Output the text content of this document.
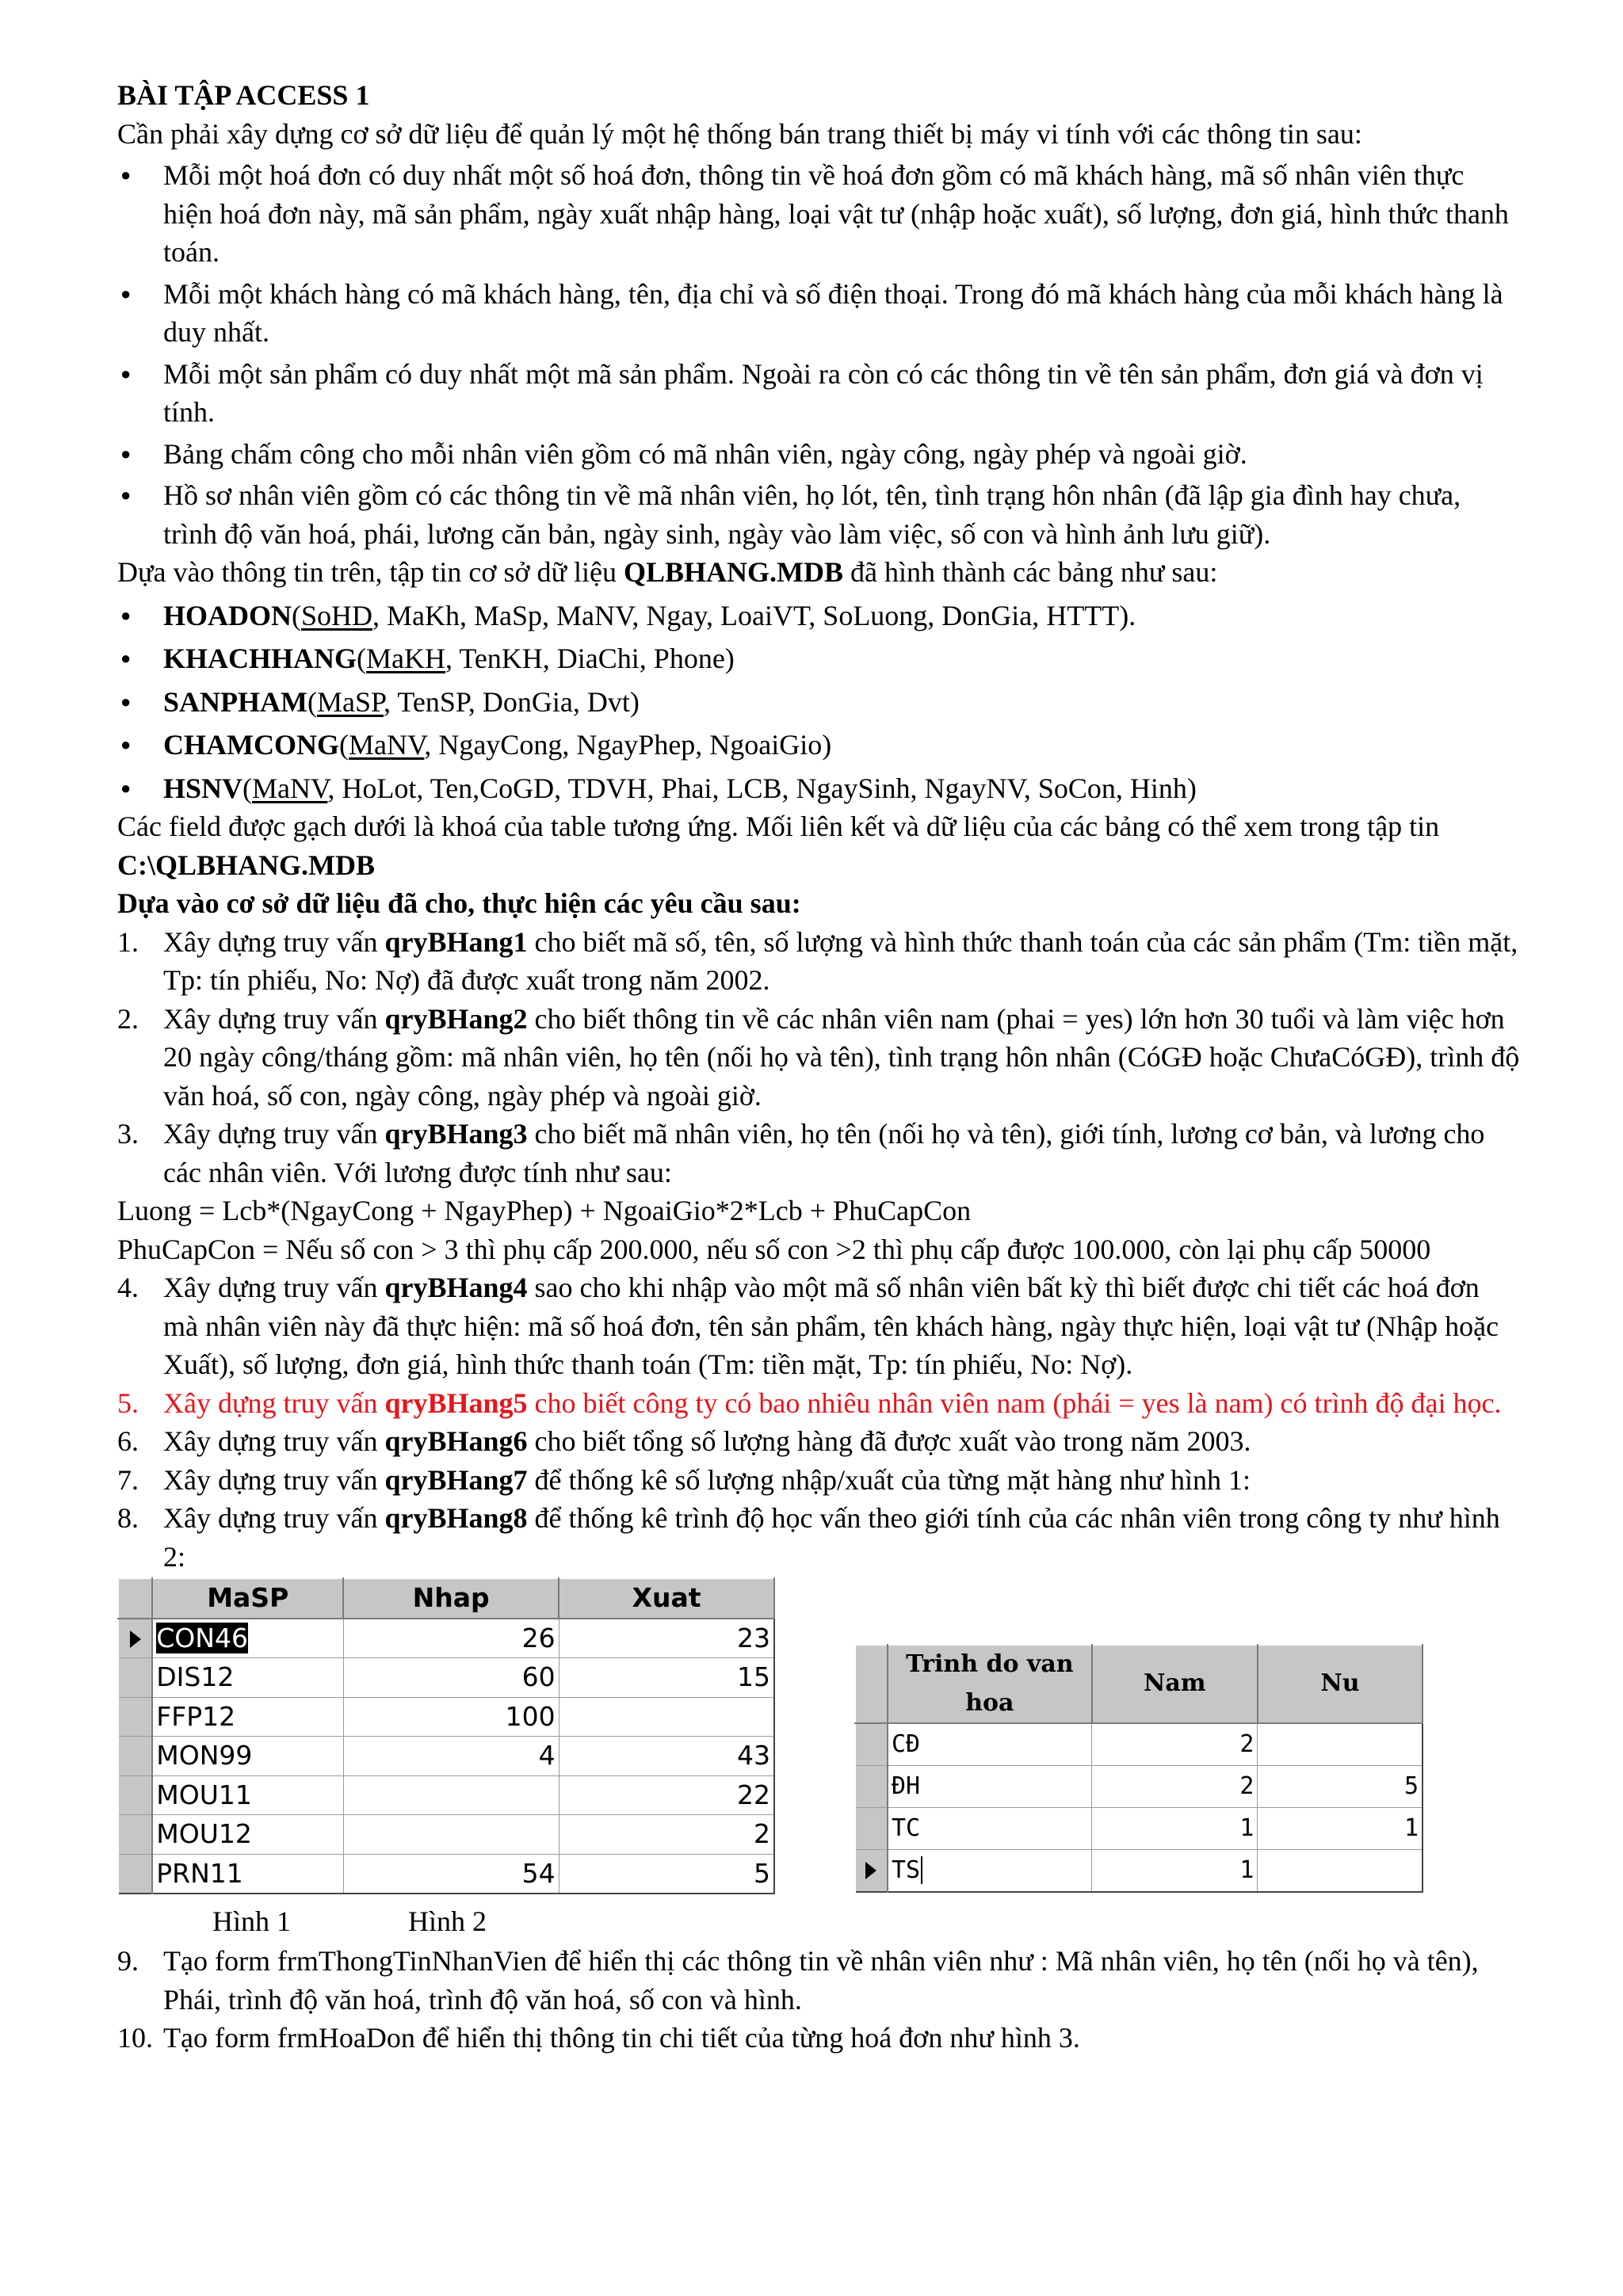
BÀI TẬP ACCESS 1

Cần phải xây dựng cơ sở dữ liệu để quản lý một hệ thống bán trang thiết bị máy vi tính với các thông tin sau:

● Mỗi một hoá đơn có duy nhất một số hoá đơn, thông tin về hoá đơn gồm có mã khách hàng, mã số nhân viên thực hiện hoá đơn này, mã sản phẩm, ngày xuất nhập hàng, loại vật tư (nhập hoặc xuất), số lượng, đơn giá, hình thức thanh toán.

● Mỗi một khách hàng có mã khách hàng, tên, địa chỉ và số điện thoại. Trong đó mã khách hàng của mỗi khách hàng là duy nhất.

● Mỗi một sản phẩm có duy nhất một mã sản phẩm. Ngoài ra còn có các thông tin về tên sản phẩm, đơn giá và đơn vị tính.

● Bảng chấm công cho mỗi nhân viên gồm có mã nhân viên, ngày công, ngày phép và ngoài giờ.

● Hồ sơ nhân viên gồm có các thông tin về mã nhân viên, họ lót, tên, tình trạng hôn nhân (đã lập gia đình hay chưa, trình độ văn hoá, phái, lương căn bản, ngày sinh, ngày vào làm việc, số con và hình ảnh lưu giữ).

Dựa vào thông tin trên, tập tin cơ sở dữ liệu QLBHANG.MDB đã hình thành các bảng như sau:

● HOADON(SoHD, MaKh, MaSp, MaNV, Ngay, LoaiVT, SoLuong, DonGia, HTTT).

● KHACHHANG(MaKH, TenKH, DiaChi, Phone)

● SANPHAM(MaSP, TenSP, DonGia, Dvt)

● CHAMCONG(MaNV, NgayCong, NgayPhep, NgoaiGio)

● HSNV(MaNV, HoLot, Ten,CoGD, TDVH, Phai, LCB, NgaySinh, NgayNV, SoCon, Hinh)

Các field được gạch dưới là khoá của table tương ứng. Mối liên kết và dữ liệu của các bảng có thể xem trong tập tin C:\QLBHANG.MDB

Dựa vào cơ sở dữ liệu đã cho, thực hiện các yêu cầu sau:

1. Xây dựng truy vấn qryBHang1 cho biết mã số, tên, số lượng và hình thức thanh toán của các sản phẩm (Tm: tiền mặt, Tp: tín phiếu, No: Nợ) đã được xuất trong năm 2002.

2. Xây dựng truy vấn qryBHang2 cho biết thông tin về các nhân viên nam (phai = yes) lớn hơn 30 tuổi và làm việc hơn 20 ngày công/tháng gồm: mã nhân viên, họ tên (nối họ và tên), tình trạng hôn nhân (CóGĐ hoặc ChưaCóGĐ), trình độ văn hoá, số con, ngày công, ngày phép và ngoài giờ.

3. Xây dựng truy vấn qryBHang3 cho biết mã nhân viên, họ tên (nối họ và tên), giới tính, lương cơ bản, và lương cho các nhân viên. Với lương được tính như sau:

Luong = Lcb*(NgayCong + NgayPhep) + NgoaiGio*2*Lcb + PhuCapCon

PhuCapCon = Nếu số con > 3 thì phụ cấp 200.000, nếu số con >2 thì phụ cấp được 100.000, còn lại phụ cấp 50000

4. Xây dựng truy vấn qryBHang4 sao cho khi nhập vào một mã số nhân viên bất kỳ thì biết được chi tiết các hoá đơn mà nhân viên này đã thực hiện: mã số hoá đơn, tên sản phẩm, tên khách hàng, ngày thực hiện, loại vật tư (Nhập hoặc Xuất), số lượng, đơn giá, hình thức thanh toán (Tm: tiền mặt, Tp: tín phiếu, No: Nợ).

5. Xây dựng truy vấn qryBHang5 cho biết công ty có bao nhiêu nhân viên nam (phái = yes là nam) có trình độ đại học.

6. Xây dựng truy vấn qryBHang6 cho biết tổng số lượng hàng đã được xuất vào trong năm 2003.

7. Xây dựng truy vấn qryBHang7 để thống kê số lượng nhập/xuất của từng mặt hàng như hình 1:

8. Xây dựng truy vấn qryBHang8 để thống kê trình độ học vấn theo giới tính của các nhân viên trong công ty như hình 2:

	MaSP	Nhap	Xuat
	CON46	26	23
	DIS12	60	15
	FFP12	100	
	MON99	4	43
	MOU11		22
	MOU12		2
	PRN11	54	5
	Trinh do van hoa	Nam	Nu
	CĐ	2	
	ĐH	2	5
	TC	1	1
	TS	1	
Hình 1	Hình 2

9. Tạo form frmThongTinNhanVien để hiển thị các thông tin về nhân viên như : Mã nhân viên, họ tên (nối họ và tên), Phái, trình độ văn hoá, trình độ văn hoá, số con và hình.

10. Tạo form frmHoaDon để hiển thị thông tin chi tiết của từng hoá đơn như hình 3.
